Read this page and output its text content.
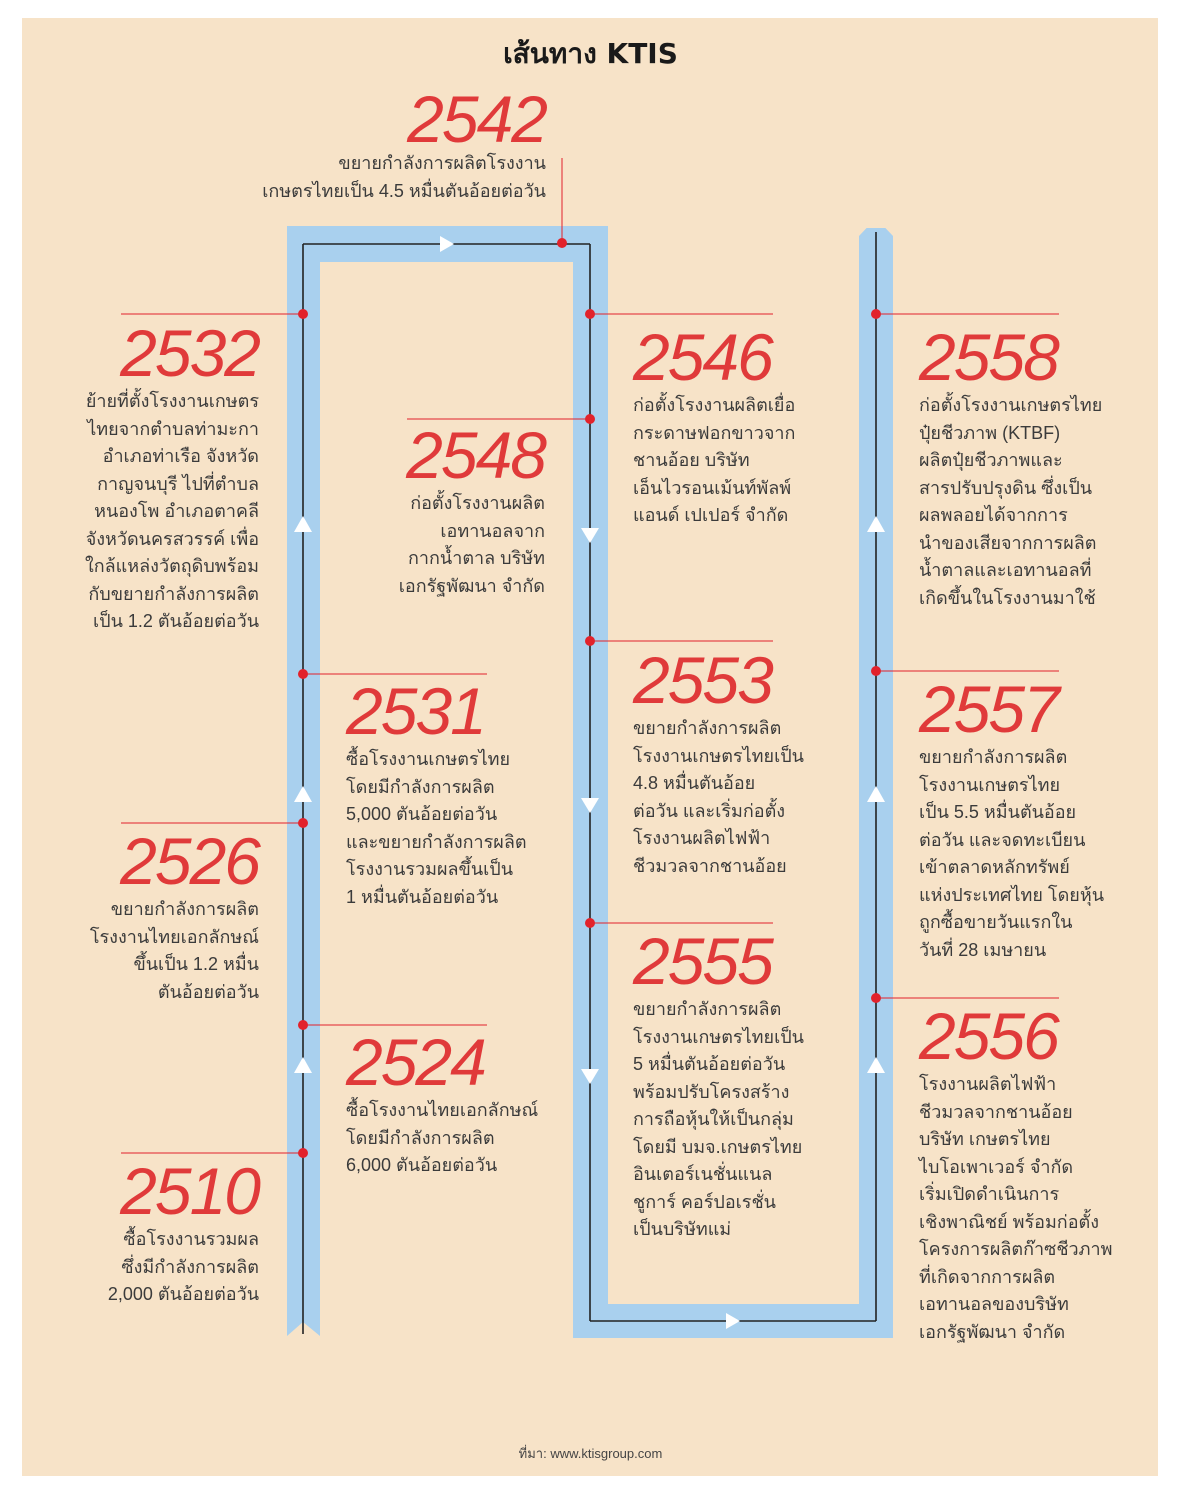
เส้นทาง KTIS
2510
ซื้อโรงงานรวมผล
ซึ่งมีกำลังการผลิต
2,000 ตันอ้อยต่อวัน
2526
ขยายกำลังการผลิต
โรงงานไทยเอกลักษณ์
ขึ้นเป็น 1.2 หมื่น
ตันอ้อยต่อวัน
2532
ย้ายที่ตั้งโรงงานเกษตร
ไทยจากตำบลท่ามะกา
อำเภอท่าเรือ จังหวัด
กาญจนบุรี ไปที่ตำบล
หนองโพ อำเภอตาคลี
จังหวัดนครสวรรค์ เพื่อ
ใกล้แหล่งวัตถุดิบพร้อม
กับขยายกำลังการผลิต
เป็น 1.2 ตันอ้อยต่อวัน
2524
ซื้อโรงงานไทยเอกลักษณ์
โดยมีกำลังการผลิต
6,000 ตันอ้อยต่อวัน
2531
ซื้อโรงงานเกษตรไทย
โดยมีกำลังการผลิต
5,000 ตันอ้อยต่อวัน
และขยายกำลังการผลิต
โรงงานรวมผลขึ้นเป็น
1 หมื่นตันอ้อยต่อวัน
2542
ขยายกำลังการผลิตโรงงาน
เกษตรไทยเป็น 4.5 หมื่นตันอ้อยต่อวัน
2548
ก่อตั้งโรงงานผลิต
เอทานอลจาก
กากน้ำตาล บริษัท
เอกรัฐพัฒนา จำกัด
2546
ก่อตั้งโรงงานผลิตเยื่อ
กระดาษฟอกขาวจาก
ชานอ้อย บริษัท
เอ็นไวรอนเม้นท์พัลพ์
แอนด์ เปเปอร์ จำกัด
2553
ขยายกำลังการผลิต
โรงงานเกษตรไทยเป็น
4.8 หมื่นตันอ้อย
ต่อวัน และเริ่มก่อตั้ง
โรงงานผลิตไฟฟ้า
ชีวมวลจากชานอ้อย
2555
ขยายกำลังการผลิต
โรงงานเกษตรไทยเป็น
5 หมื่นตันอ้อยต่อวัน
พร้อมปรับโครงสร้าง
การถือหุ้นให้เป็นกลุ่ม
โดยมี บมจ.เกษตรไทย
อินเตอร์เนชั่นแนล
ชูการ์ คอร์ปอเรชั่น
เป็นบริษัทแม่
2558
ก่อตั้งโรงงานเกษตรไทย
ปุ๋ยชีวภาพ (KTBF)
ผลิตปุ๋ยชีวภาพและ
สารปรับปรุงดิน ซึ่งเป็น
ผลพลอยได้จากการ
นำของเสียจากการผลิต
น้ำตาลและเอทานอลที่
เกิดขึ้นในโรงงานมาใช้
2557
ขยายกำลังการผลิต
โรงงานเกษตรไทย
เป็น 5.5 หมื่นตันอ้อย
ต่อวัน และจดทะเบียน
เข้าตลาดหลักทรัพย์
แห่งประเทศไทย โดยหุ้น
ถูกซื้อขายวันแรกใน
วันที่ 28 เมษายน
2556
โรงงานผลิตไฟฟ้า
ชีวมวลจากชานอ้อย
บริษัท เกษตรไทย
ไบโอเพาเวอร์ จำกัด
เริ่มเปิดดำเนินการ
เชิงพาณิชย์ พร้อมก่อตั้ง
โครงการผลิตก๊าซชีวภาพ
ที่เกิดจากการผลิต
เอทานอลของบริษัท
เอกรัฐพัฒนา จำกัด
ที่มา: www.ktisgroup.com
